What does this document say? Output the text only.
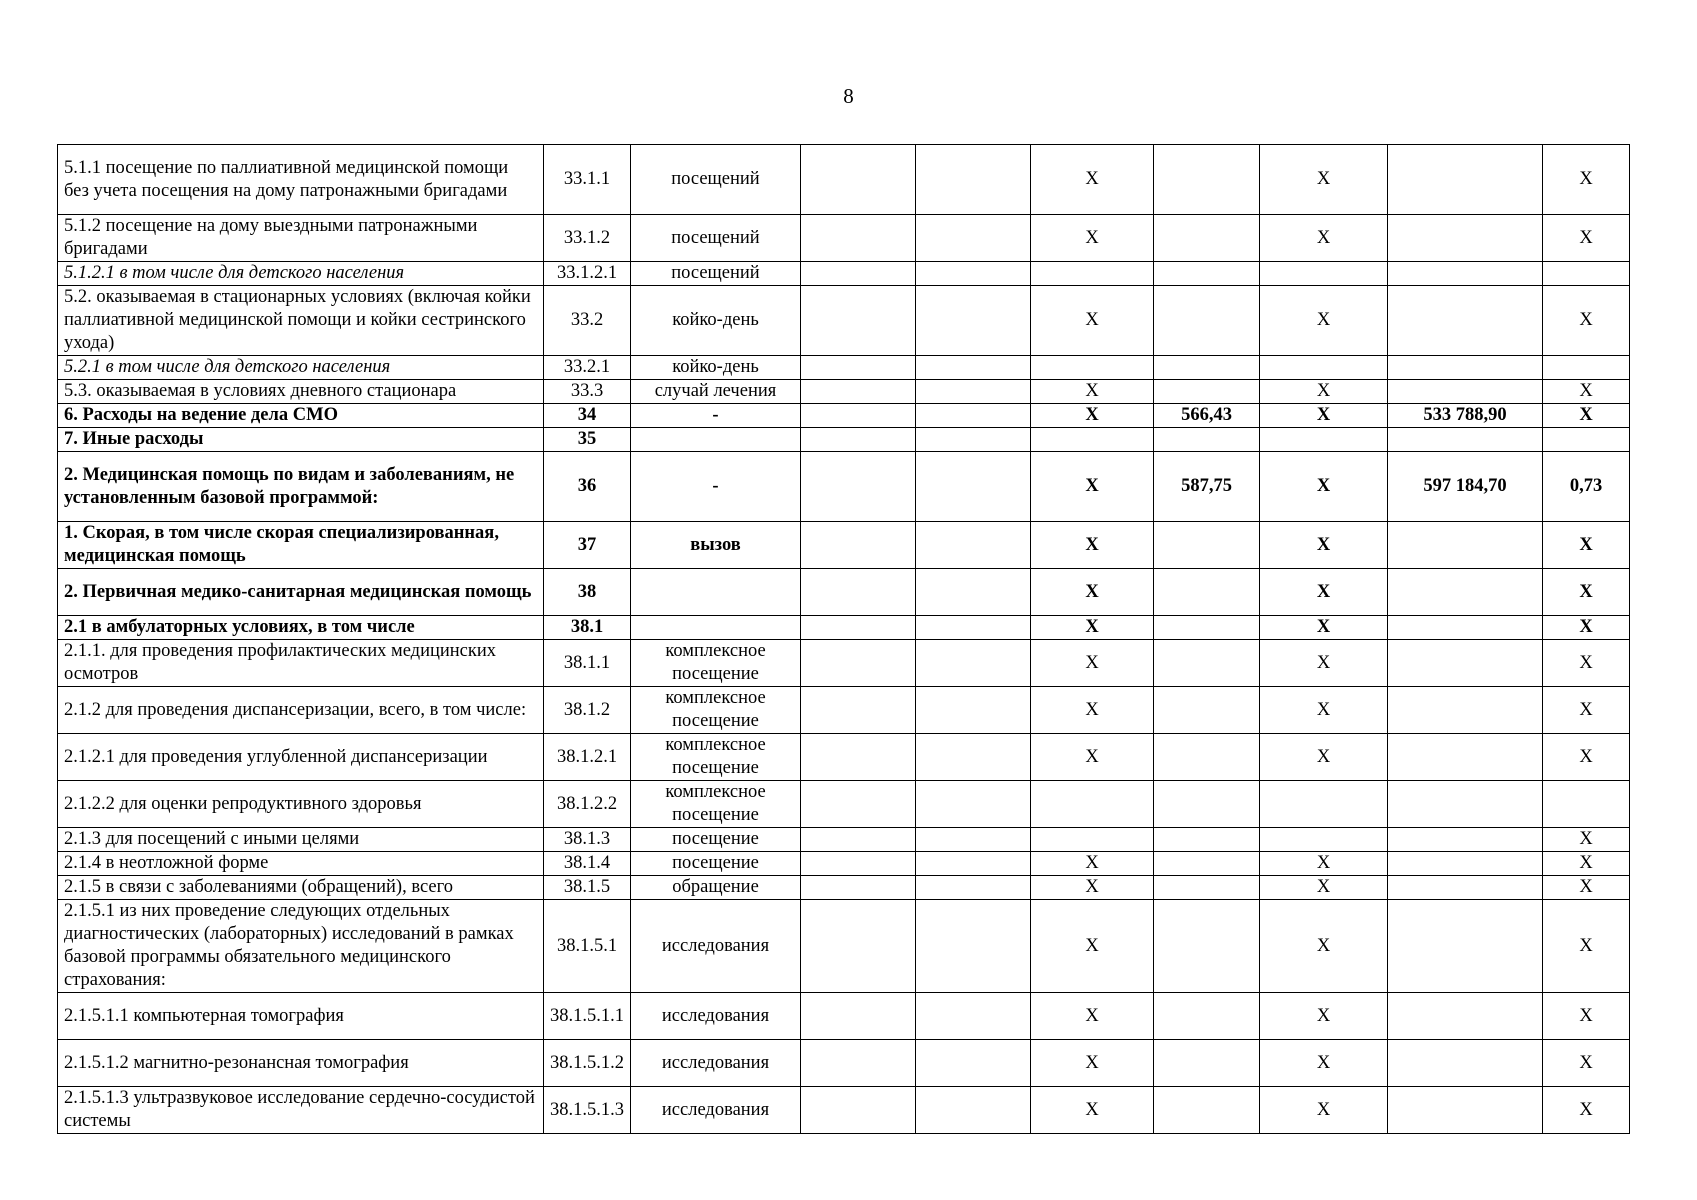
8
5.1.1 посещение по паллиативной медицинской помощи без учета посещения на дому патронажными бригадами	33.1.1	посещений			Х		Х		Х
5.1.2 посещение на дому выездными патронажными бригадами	33.1.2	посещений			Х		Х		Х
5.1.2.1 в том числе для детского населения	33.1.2.1	посещений							
5.2. оказываемая в стационарных условиях (включая койки паллиативной медицинской помощи и койки сестринского ухода)	33.2	койко-день			Х		Х		Х
5.2.1 в том числе для детского населения	33.2.1	койко-день							
5.3. оказываемая в условиях дневного стационара	33.3	случай лечения			Х		Х		Х
6. Расходы на ведение дела СМО	34	-			Х	566,43	Х	533 788,90	Х
7. Иные расходы	35								
2. Медицинская помощь по видам и заболеваниям, не установленным базовой программой:	36	-			Х	587,75	Х	597 184,70	0,73
1. Скорая, в том числе скорая специализированная, медицинская помощь	37	вызов			Х		Х		Х
2. Первичная медико-санитарная медицинская помощь	38				Х		Х		Х
2.1 в амбулаторных условиях, в том числе	38.1				Х		Х		Х
2.1.1. для проведения профилактических медицинских осмотров	38.1.1	комплексное посещение			Х		Х		Х
2.1.2 для проведения диспансеризации, всего, в том числе:	38.1.2	комплексное посещение			Х		Х		Х
2.1.2.1 для проведения углубленной диспансеризации	38.1.2.1	комплексное посещение			Х		Х		Х
2.1.2.2 для оценки репродуктивного здоровья	38.1.2.2	комплексное посещение							
2.1.3 для посещений с иными целями	38.1.3	посещение							Х
2.1.4 в неотложной форме	38.1.4	посещение			Х		Х		Х
2.1.5 в связи с заболеваниями (обращений), всего	38.1.5	обращение			Х		Х		Х
2.1.5.1 из них проведение следующих отдельных диагностических (лабораторных) исследований в рамках базовой программы обязательного медицинского страхования:	38.1.5.1	исследования			Х		Х		Х
2.1.5.1.1 компьютерная томография	38.1.5.1.1	исследования			Х		Х		Х
2.1.5.1.2 магнитно-резонансная томография	38.1.5.1.2	исследования			Х		Х		Х
2.1.5.1.3 ультразвуковое исследование сердечно-сосудистой системы	38.1.5.1.3	исследования			Х		Х		Х
